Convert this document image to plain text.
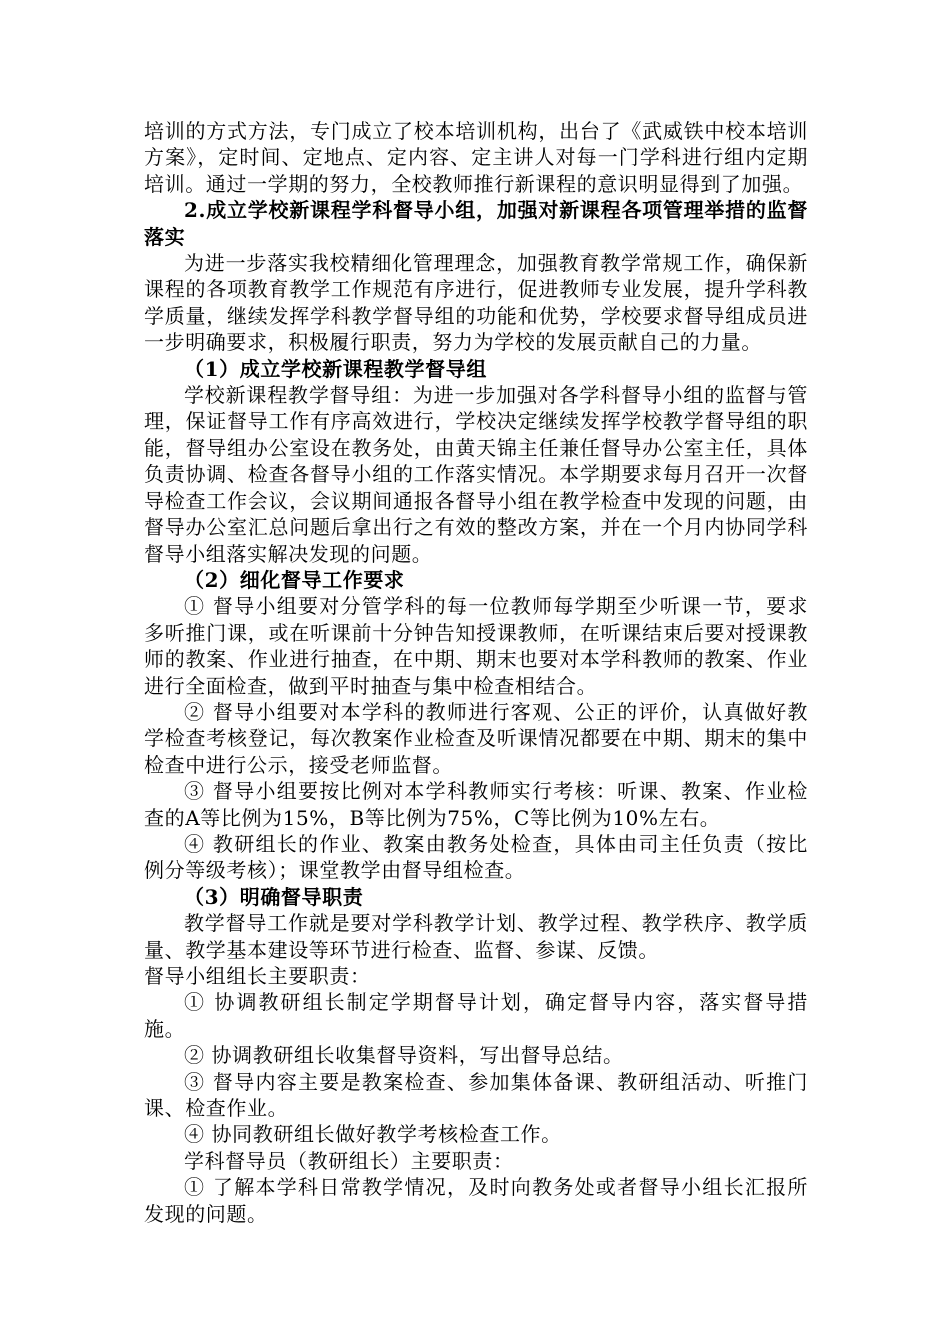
培训的方式方法，专门成立了校本培训机构，出台了《武威铁中校本培训方案》，定时间、定地点、定内容、定主讲人对每一门学科进行组内定期培训。通过一学期的努力，全校教师推行新课程的意识明显得到了加强。

2.成立学校新课程学科督导小组，加强对新课程各项管理举措的监督落实

为进一步落实我校精细化管理理念，加强教育教学常规工作，确保新课程的各项教育教学工作规范有序进行，促进教师专业发展，提升学科教学质量，继续发挥学科教学督导组的功能和优势，学校要求督导组成员进一步明确要求，积极履行职责，努力为学校的发展贡献自己的力量。

（1）成立学校新课程教学督导组

学校新课程教学督导组：为进一步加强对各学科督导小组的监督与管理，保证督导工作有序高效进行，学校决定继续发挥学校教学督导组的职能，督导组办公室设在教务处，由黄天锦主任兼任督导办公室主任，具体负责协调、检查各督导小组的工作落实情况。本学期要求每月召开一次督导检查工作会议，会议期间通报各督导小组在教学检查中发现的问题，由督导办公室汇总问题后拿出行之有效的整改方案，并在一个月内协同学科督导小组落实解决发现的问题。

（2）细化督导工作要求

① 督导小组要对分管学科的每一位教师每学期至少听课一节，要求多听推门课，或在听课前十分钟告知授课教师，在听课结束后要对授课教师的教案、作业进行抽查，在中期、期末也要对本学科教师的教案、作业进行全面检查，做到平时抽查与集中检查相结合。

② 督导小组要对本学科的教师进行客观、公正的评价，认真做好教学检查考核登记，每次教案作业检查及听课情况都要在中期、期末的集中检查中进行公示，接受老师监督。

③ 督导小组要按比例对本学科教师实行考核：听课、教案、作业检查的A等比例为15%，B等比例为75%，C等比例为10%左右。

④ 教研组长的作业、教案由教务处检查，具体由司主任负责（按比例分等级考核）；课堂教学由督导组检查。

（3）明确督导职责

教学督导工作就是要对学科教学计划、教学过程、教学秩序、教学质量、教学基本建设等环节进行检查、监督、参谋、反馈。

督导小组组长主要职责：

① 协调教研组长制定学期督导计划，确定督导内容，落实督导措施。

② 协调教研组长收集督导资料，写出督导总结。

③ 督导内容主要是教案检查、参加集体备课、教研组活动、听推门课、检查作业。

④ 协同教研组长做好教学考核检查工作。

学科督导员（教研组长）主要职责：

① 了解本学科日常教学情况，及时向教务处或者督导小组长汇报所发现的问题。
